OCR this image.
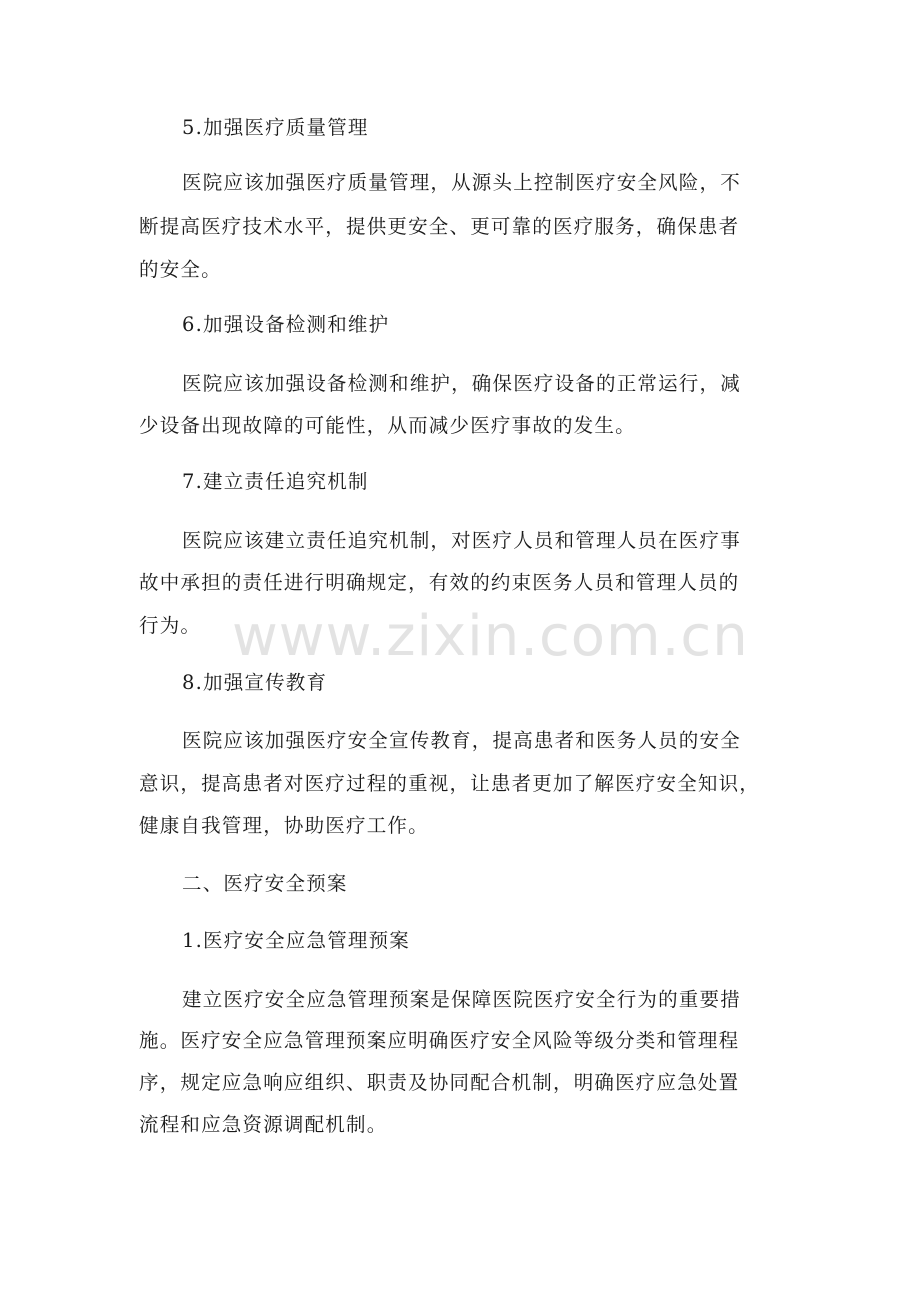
www.zixin.com.cn
5.加强医疗质量管理
医院应该加强医疗质量管理，从源头上控制医疗安全风险，不
断提高医疗技术水平，提供更安全、更可靠的医疗服务，确保患者
的安全。
6.加强设备检测和维护
医院应该加强设备检测和维护，确保医疗设备的正常运行，减
少设备出现故障的可能性，从而减少医疗事故的发生。
7.建立责任追究机制
医院应该建立责任追究机制，对医疗人员和管理人员在医疗事
故中承担的责任进行明确规定，有效的约束医务人员和管理人员的
行为。
8.加强宣传教育
医院应该加强医疗安全宣传教育，提高患者和医务人员的安全
意识，提高患者对医疗过程的重视，让患者更加了解医疗安全知识，
健康自我管理，协助医疗工作。
二、医疗安全预案
1.医疗安全应急管理预案
建立医疗安全应急管理预案是保障医院医疗安全行为的重要措
施。医疗安全应急管理预案应明确医疗安全风险等级分类和管理程
序，规定应急响应组织、职责及协同配合机制，明确医疗应急处置
流程和应急资源调配机制。
